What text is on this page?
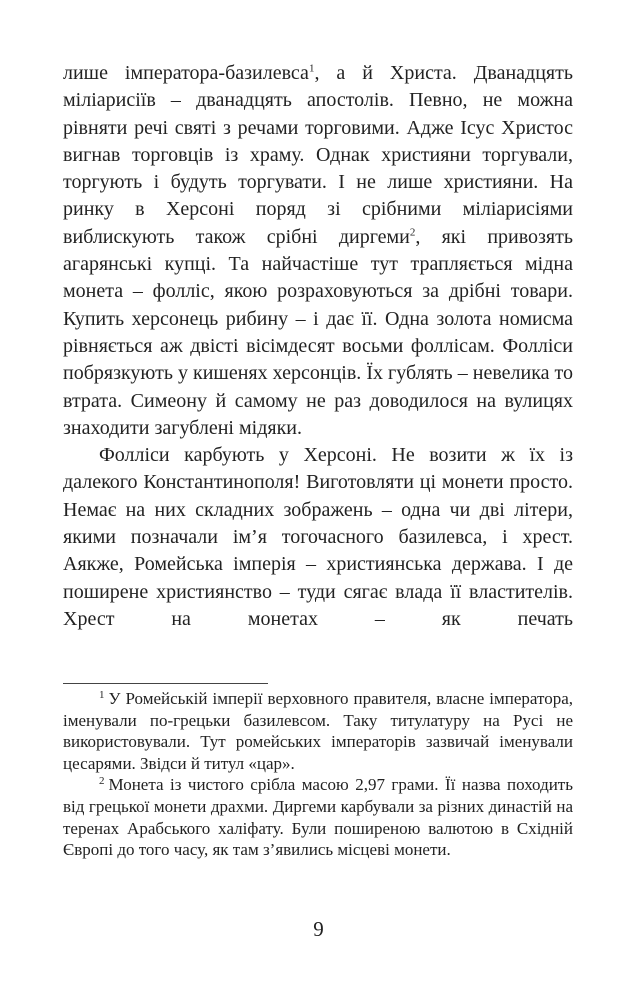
лише імператора-базилевса$^1$, а й Христа. Дванадцять міліарисіїв – дванадцять апостолів. Певно, не можна рівняти речі святі з речами торговими. Адже Ісус Христос вигнав торговців із храму. Однак християни торгували, торгують і будуть торгувати. І не лише християни. На ринку в Херсоні поряд зі срібними міліарисіями виблискують також срібні диргеми$^2$, які привозять агарянські купці. Та найчастіше тут трапляється мідна монета – фолліс, якою розраховуються за дрібні товари. Купить херсонець рибину – і дає її. Одна золота номисма рівняється аж двісті вісімдесят восьми фоллісам. Фолліси побрязкують у кишенях херсонців. Їх гублять – невелика то втрата. Симеону й самому не раз доводилося на вулицях знаходити загублені мідяки.

Фолліси карбують у Херсоні. Не возити ж їх із далекого Константинополя! Виготовляти ці монети просто. Немає на них складних зображень – одна чи дві літери, якими позначали ім’я тогочасного базилевса, і хрест. Аякже, Ромейська імперія – християнська держава. І де поширене християнство – туди сягає влада її властителів. Хрест на монетах – як печать

$^1$ У Ромейській імперії верховного правителя, власне імператора, іменували по-грецьки базилевсом. Таку титулатуру на Русі не використовували. Тут ромейських імператорів зазвичай іменували цесарями. Звідси й титул «цар».

$^2$ Монета із чистого срібла масою 2,97 грами. Її назва походить від грецької монети драхми. Диргеми карбували за різних династій на теренах Арабського халіфату. Були поширеною валютою в Східній Європі до того часу, як там з’явились місцеві монети.

9
